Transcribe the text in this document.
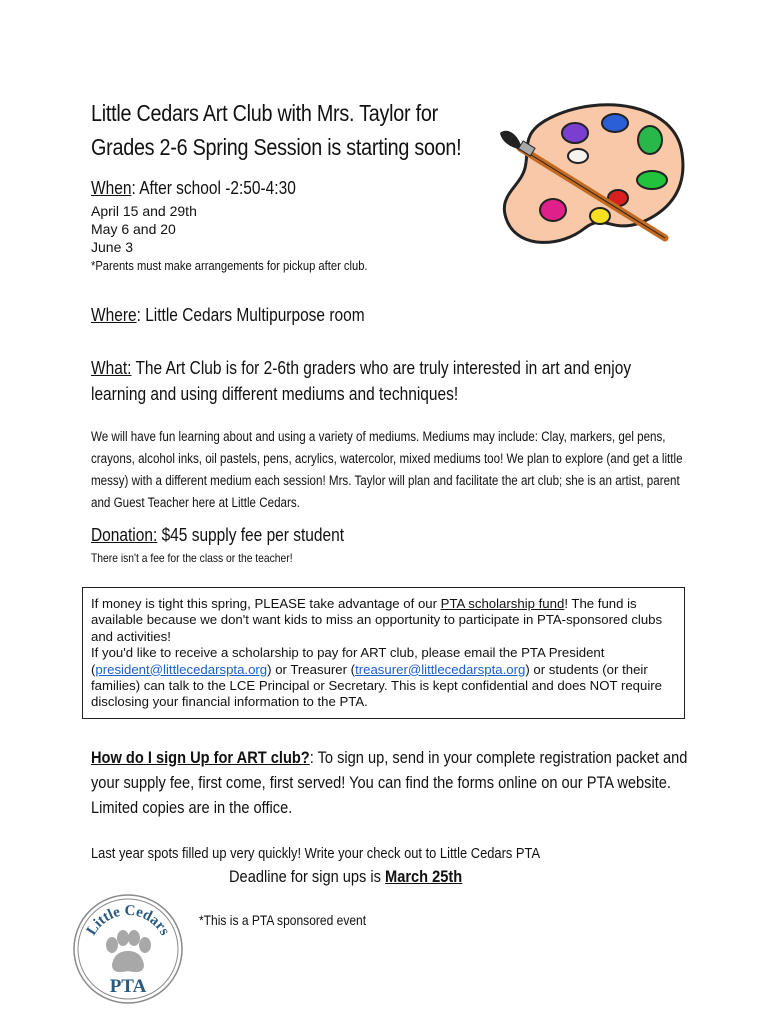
Little Cedars Art Club with Mrs. Taylor for
Grades 2-6 Spring Session is starting soon!
When: After school -2:50-4:30
April 15 and 29th
May 6 and 20
June 3
*Parents must make arrangements for pickup after club.
Where: Little Cedars Multipurpose room
What: The Art Club is for 2-6th graders who are truly interested in art and enjoy learning and using different mediums and techniques!
We will have fun learning about and using a variety of mediums. Mediums may include: Clay, markers, gel pens, crayons, alcohol inks, oil pastels, pens, acrylics, watercolor, mixed mediums too! We plan to explore (and get a little messy) with a different medium each session! Mrs. Taylor will plan and facilitate the art club; she is an artist, parent and Guest Teacher here at Little Cedars.
Donation: $45 supply fee per student
There isn't a fee for the class or the teacher!
If money is tight this spring, PLEASE take advantage of our PTA scholarship fund! The fund is available because we don't want kids to miss an opportunity to participate in PTA-sponsored clubs and activities!
If you'd like to receive a scholarship to pay for ART club, please email the PTA President (president@littlecedarspta.org) or Treasurer (treasurer@littlecedarspta.org) or students (or their families) can talk to the LCE Principal or Secretary. This is kept confidential and does NOT require disclosing your financial information to the PTA.
How do I sign Up for ART club?: To sign up, send in your complete registration packet and your supply fee, first come, first served! You can find the forms online on our PTA website. Limited copies are in the office.
Last year spots filled up very quickly! Write your check out to Little Cedars PTA
Deadline for sign ups is March 25th
Little Cedars
PTA
*This is a PTA sponsored event
